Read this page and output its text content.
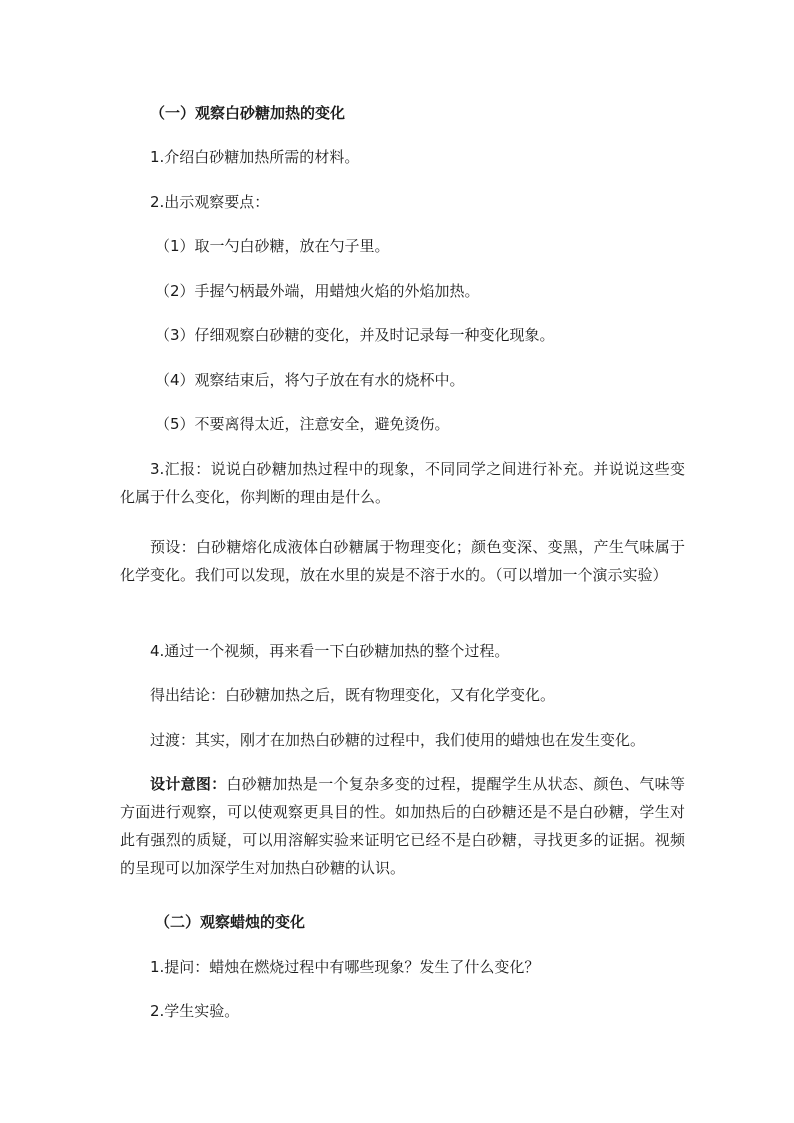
（一）观察白砂糖加热的变化
1.介绍白砂糖加热所需的材料。
2.出示观察要点：
（1）取一勺白砂糖，放在勺子里。
（2）手握勺柄最外端，用蜡烛火焰的外焰加热。
（3）仔细观察白砂糖的变化，并及时记录每一种变化现象。
（4）观察结束后，将勺子放在有水的烧杯中。
（5）不要离得太近，注意安全，避免烫伤。
3.汇报：说说白砂糖加热过程中的现象，不同同学之间进行补充。并说说这些变化属于什么变化，你判断的理由是什么。
预设：白砂糖熔化成液体白砂糖属于物理变化；颜色变深、变黑，产生气味属于化学变化。我们可以发现，放在水里的炭是不溶于水的。（可以增加一个演示实验）
4.通过一个视频，再来看一下白砂糖加热的整个过程。
得出结论：白砂糖加热之后，既有物理变化，又有化学变化。
过渡：其实，刚才在加热白砂糖的过程中，我们使用的蜡烛也在发生变化。
设计意图：白砂糖加热是一个复杂多变的过程，提醒学生从状态、颜色、气味等方面进行观察，可以使观察更具目的性。如加热后的白砂糖还是不是白砂糖，学生对此有强烈的质疑，可以用溶解实验来证明它已经不是白砂糖，寻找更多的证据。视频的呈现可以加深学生对加热白砂糖的认识。
（二）观察蜡烛的变化
1.提问：蜡烛在燃烧过程中有哪些现象？发生了什么变化？
2.学生实验。
